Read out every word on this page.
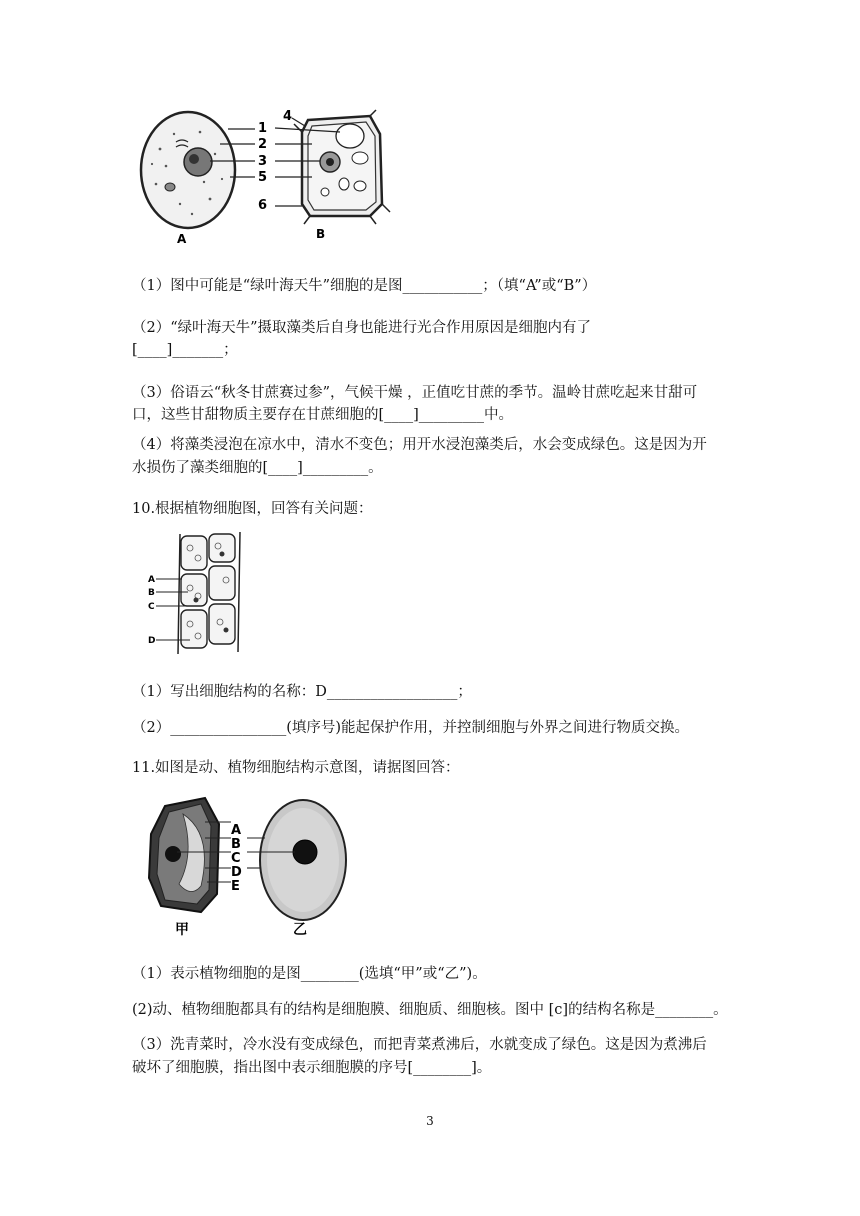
A
1
2
3
4
5
6
B
（1）图中可能是“绿叶海天牛”细胞的是图___________；（填“A”或“B”）
（2）“绿叶海天牛”摄取藻类后自身也能进行光合作用原因是细胞内有了
[____]_______；
（3）俗语云“秋冬甘蔗赛过参”，气候干燥 ，正值吃甘蔗的季节。温岭甘蔗吃起来甘甜可
口，这些甘甜物质主要存在甘蔗细胞的[____]_________中。
（4）将藻类浸泡在凉水中，清水不变色；用开水浸泡藻类后，水会变成绿色。这是因为开
水损伤了藻类细胞的[____]_________。
10.根据植物细胞图，回答有关问题：
A
B
C
D
（1）写出细胞结构的名称：D__________________；
（2）________________(填序号)能起保护作用，并控制细胞与外界之间进行物质交换。
11.如图是动、植物细胞结构示意图，请据图回答：
A
B
C
D
E
甲	乙
（1）表示植物细胞的是图________(选填“甲”或“乙”)。
(2)动、植物细胞都具有的结构是细胞膜、细胞质、细胞核。图中 [c]的结构名称是________。
（3）洗青菜时，冷水没有变成绿色，而把青菜煮沸后，水就变成了绿色。这是因为煮沸后
破坏了细胞膜，指出图中表示细胞膜的序号[________]。
3
